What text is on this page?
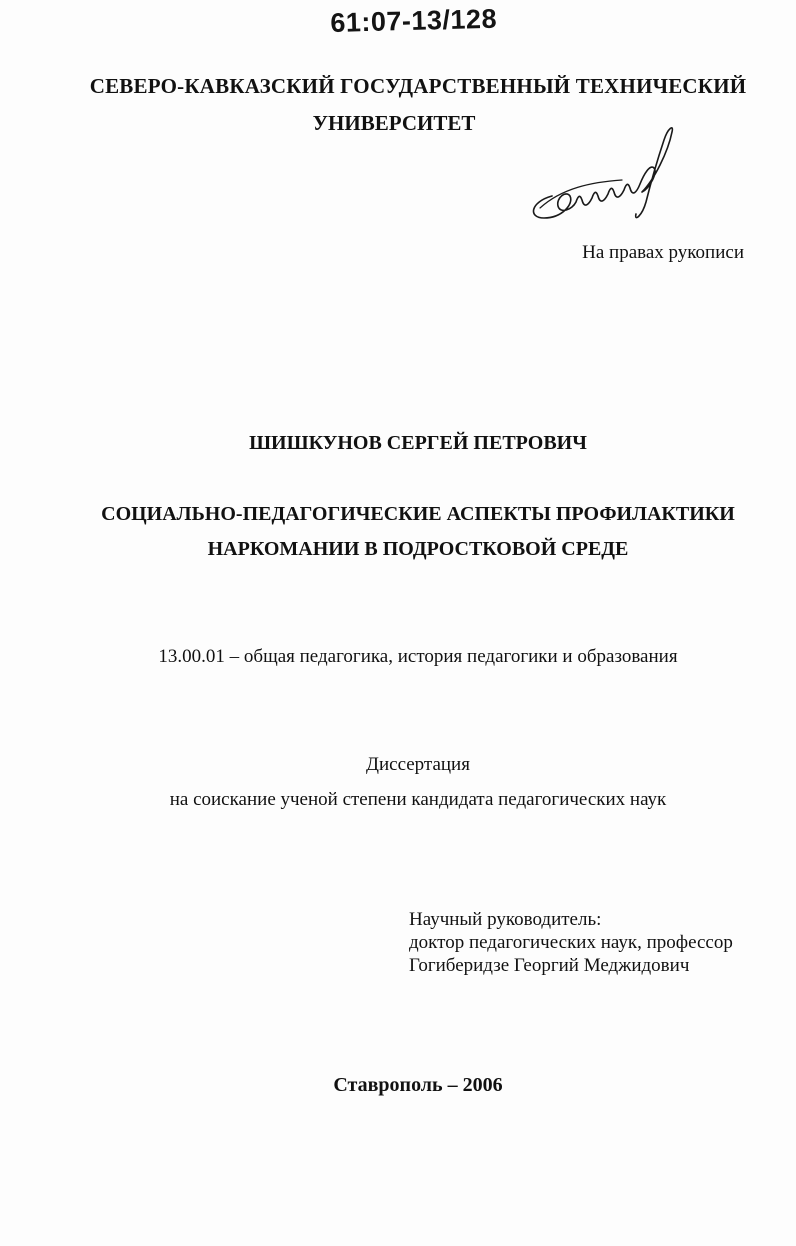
61:07-13/128
СЕВЕРО-КАВКАЗСКИЙ ГОСУДАРСТВЕННЫЙ ТЕХНИЧЕСКИЙ
УНИВЕРСИТЕТ
На правах рукописи
ШИШКУНОВ СЕРГЕЙ ПЕТРОВИЧ
СОЦИАЛЬНО-ПЕДАГОГИЧЕСКИЕ АСПЕКТЫ ПРОФИЛАКТИКИ
НАРКОМАНИИ В ПОДРОСТКОВОЙ СРЕДЕ
13.00.01 – общая педагогика, история педагогики и образования
Диссертация
на соискание ученой степени кандидата педагогических наук
Научный руководитель:
доктор педагогических наук, профессор
Гогиберидзе Георгий Меджидович
Ставрополь – 2006
